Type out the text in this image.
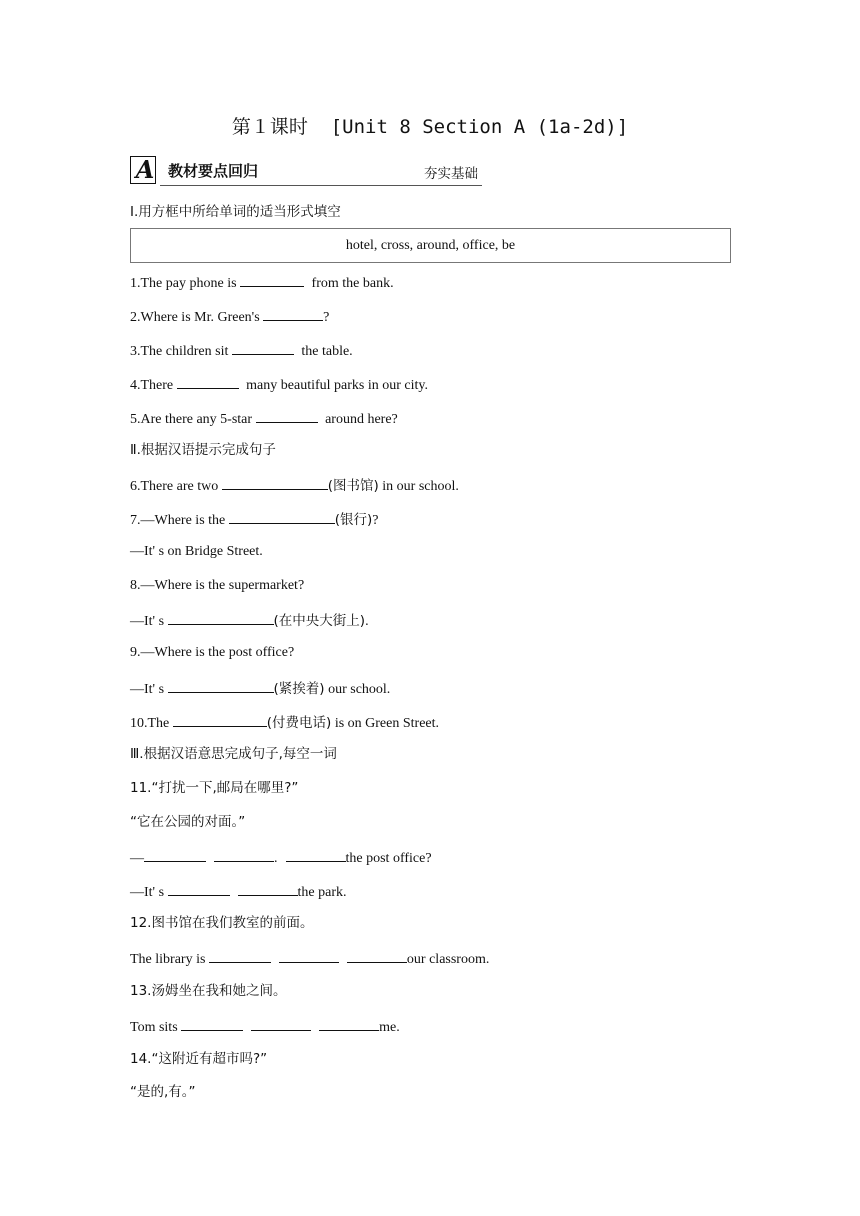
第１课时  [Unit 8 Section A (1a-2d)]
A 教材要点回归	夯实基础
Ⅰ.用方框中所给单词的适当形式填空
hotel, cross, around, office, be
1.The pay phone is	from the bank.
2.Where is Mr. Green's	?
3.The children sit	the table.
4.There	many beautiful parks in our city.
5.Are there any 5-star	around here?
Ⅱ.根据汉语提示完成句子
6.There are two	(图书馆) in our school.
7.—Where is the	(银行)?
—It' s on Bridge Street.
8.—Where is the supermarket?
—It' s	(在中央大街上).
9.—Where is the post office?
—It' s	(紧挨着) our school.
10.The	(付费电话) is on Green Street.
Ⅲ.根据汉语意思完成句子,每空一词
11.“打扰一下,邮局在哪里?”
“它在公园的对面。”
—	.	the post office?
—It' s	the park.
12.图书馆在我们教室的前面。
The library is	our classroom.
13.汤姆坐在我和她之间。
Tom sits	me.
14.“这附近有超市吗?”
“是的,有。”
